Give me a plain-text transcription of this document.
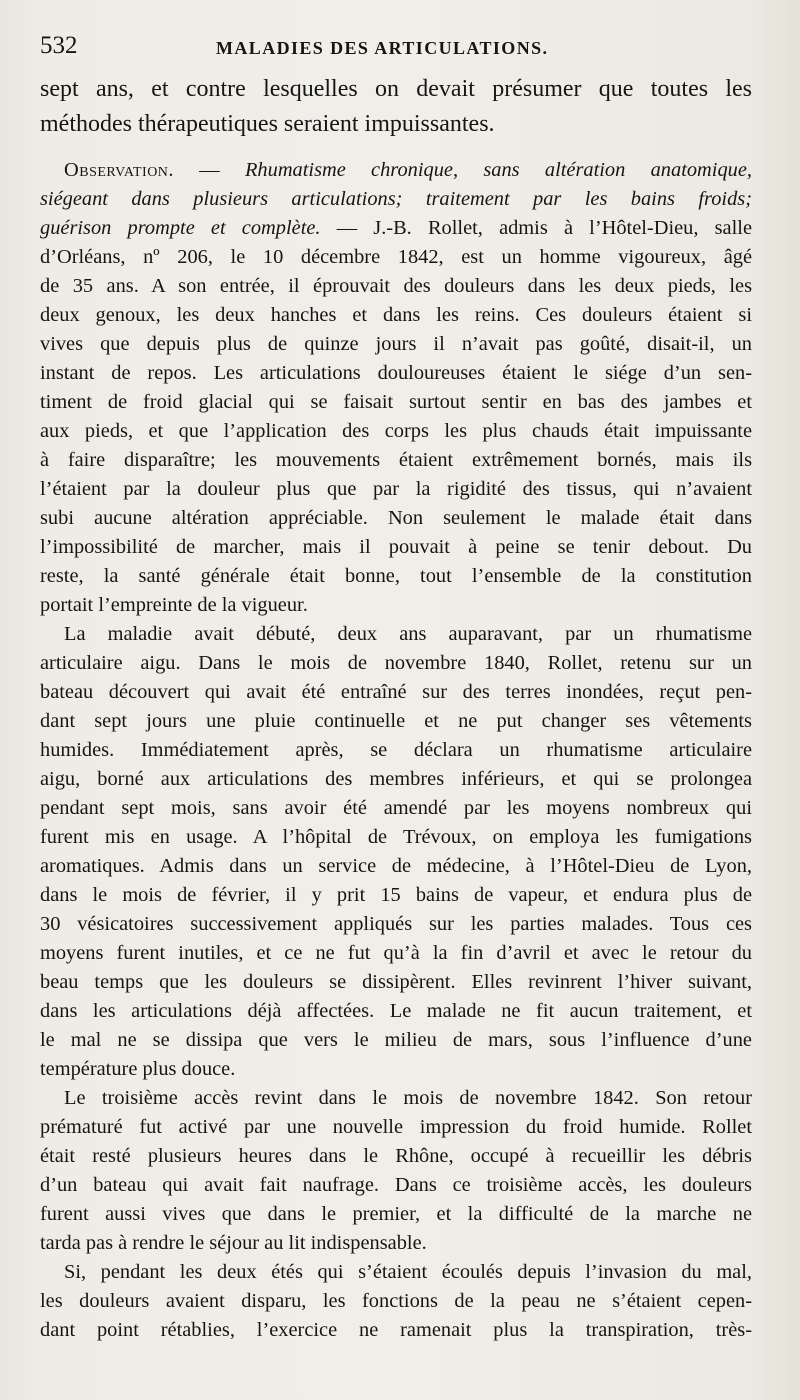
532	MALADIES DES ARTICULATIONS.
sept ans, et contre lesquelles on devait présumer que toutes les
méthodes thérapeutiques seraient impuissantes.
Observation. — Rhumatisme chronique, sans altération anatomique,
siégeant dans plusieurs articulations; traitement par les bains froids;
guérison prompte et complète. — J.-B. Rollet, admis à l’Hôtel-Dieu, salle
d’Orléans, nº 206, le 10 décembre 1842, est un homme vigoureux, âgé
de 35 ans. A son entrée, il éprouvait des douleurs dans les deux pieds, les
deux genoux, les deux hanches et dans les reins. Ces douleurs étaient si
vives que depuis plus de quinze jours il n’avait pas goûté, disait-il, un
instant de repos. Les articulations douloureuses étaient le siége d’un sen-
timent de froid glacial qui se faisait surtout sentir en bas des jambes et
aux pieds, et que l’application des corps les plus chauds était impuissante
à faire disparaître; les mouvements étaient extrêmement bornés, mais ils
l’étaient par la douleur plus que par la rigidité des tissus, qui n’avaient
subi aucune altération appréciable. Non seulement le malade était dans
l’impossibilité de marcher, mais il pouvait à peine se tenir debout. Du
reste, la santé générale était bonne, tout l’ensemble de la constitution
portait l’empreinte de la vigueur.
La maladie avait débuté, deux ans auparavant, par un rhumatisme
articulaire aigu. Dans le mois de novembre 1840, Rollet, retenu sur un
bateau découvert qui avait été entraîné sur des terres inondées, reçut pen-
dant sept jours une pluie continuelle et ne put changer ses vêtements
humides. Immédiatement après, se déclara un rhumatisme articulaire
aigu, borné aux articulations des membres inférieurs, et qui se prolongea
pendant sept mois, sans avoir été amendé par les moyens nombreux qui
furent mis en usage. A l’hôpital de Trévoux, on employa les fumigations
aromatiques. Admis dans un service de médecine, à l’Hôtel-Dieu de Lyon,
dans le mois de février, il y prit 15 bains de vapeur, et endura plus de
30 vésicatoires successivement appliqués sur les parties malades. Tous ces
moyens furent inutiles, et ce ne fut qu’à la fin d’avril et avec le retour du
beau temps que les douleurs se dissipèrent. Elles revinrent l’hiver suivant,
dans les articulations déjà affectées. Le malade ne fit aucun traitement, et
le mal ne se dissipa que vers le milieu de mars, sous l’influence d’une
température plus douce.
Le troisième accès revint dans le mois de novembre 1842. Son retour
prématuré fut activé par une nouvelle impression du froid humide. Rollet
était resté plusieurs heures dans le Rhône, occupé à recueillir les débris
d’un bateau qui avait fait naufrage. Dans ce troisième accès, les douleurs
furent aussi vives que dans le premier, et la difficulté de la marche ne
tarda pas à rendre le séjour au lit indispensable.
Si, pendant les deux étés qui s’étaient écoulés depuis l’invasion du mal,
les douleurs avaient disparu, les fonctions de la peau ne s’étaient cepen-
dant point rétablies, l’exercice ne ramenait plus la transpiration, très-
